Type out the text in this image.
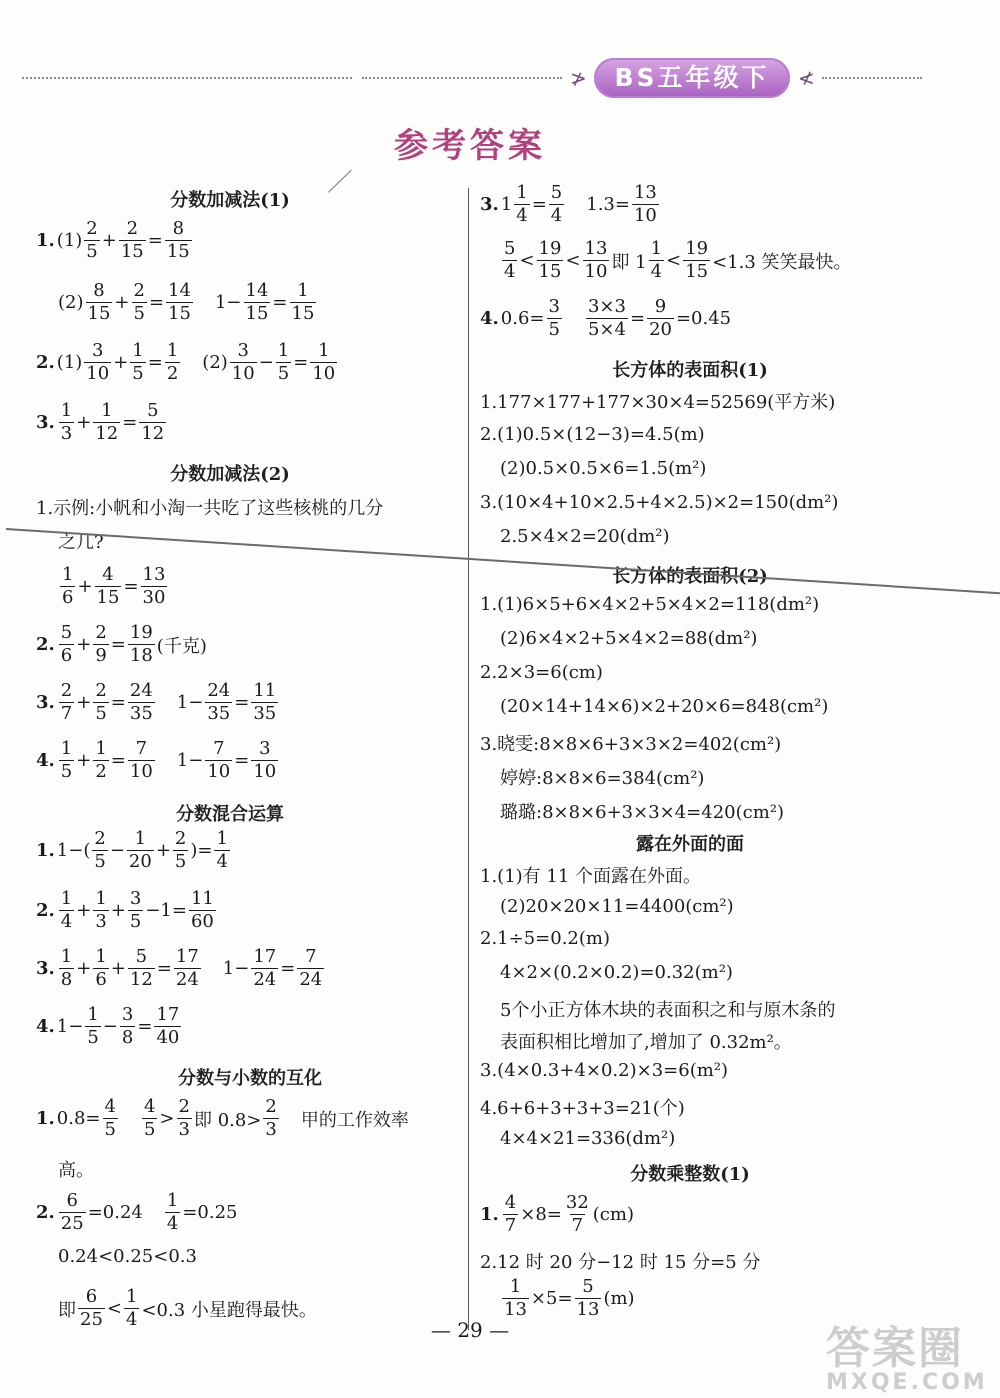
≯	BS五年级下	≮
参考答案
分数加减法(1)
1. (1)
2
5
+
2
15
=
8
15
(2)
8
15
+
2
5
=
14
15
1−
14
15
=
1
15
2. (1)
3
10
+
1
5
=
1
2
(2)
3
10
−
1
5
=
1
10
3.
1
3
+
1
12
=
5
12
分数加减法(2)
1.示例:小帆和小淘一共吃了这些核桃的几分
之几?
1
6
+
4
15
=
13
30
2.
5
6
+
2
9
=
19
18 (千克)
3.
2
7
+
2
5
=
24
35
1−
24
35
=
11
35
4.
1
5
+
1
2
=
7
10
1−
7
10
=
3
10
分数混合运算
1. 1−(
2
5
−
1
20
+
2
5
)=
1
4
2.
1
4
+
1
3
+
3
5
−1=
11
60
3.
1
8
+
1
6
+
5
12
=
17
24
1−
17
24
=
7
24
4. 1−
1
5
−
3
8
=
17
40
分数与小数的互化
1. 0.8=
4
5
4
5
>
2
3 即 0.8>
2
3 甲的工作效率
高。
2.
6
25
=0.24
1
4
=0.25
0.24<0.25<0.3
即
6
25
<
1
4 <0.3 小星跑得最快。
3. 1
1
4
=
5
4
1.3=
13
10
5
4
<
19
15
<
13
10 即 1
1
4
<
19
15 <1.3 笑笑最快。
4. 0.6=
3
5
3×3
5×4
=
9
20
=0.45
长方体的表面积(1)
1.177×177+177×30×4=52569(平方米)
2.(1)0.5×(12−3)=4.5(m)
(2)0.5×0.5×6=1.5(m²)
3.(10×4+10×2.5+4×2.5)×2=150(dm²)
2.5×4×2=20(dm²)
长方体的表面积(2)
1.(1)6×5+6×4×2+5×4×2=118(dm²)
(2)6×4×2+5×4×2=88(dm²)
2.2×3=6(cm)
(20×14+14×6)×2+20×6=848(cm²)
3.晓雯:8×8×6+3×3×2=402(cm²)
婷婷:8×8×6=384(cm²)
璐璐:8×8×6+3×3×4=420(cm²)
露在外面的面
1.(1)有 11 个面露在外面。
(2)20×20×11=4400(cm²)
2.1÷5=0.2(m)
4×2×(0.2×0.2)=0.32(m²)
5个小正方体木块的表面积之和与原木条的
表面积相比增加了,增加了 0.32m²。
3.(4×0.3+4×0.2)×3=6(m²)
4.6+6+3+3+3=21(个)
4×4×21=336(dm²)
分数乘整数(1)
1.
4
7
×8=
32
7
(cm)
2.12 时 20 分−12 时 15 分=5 分
1
13
×5=
5
13
(m)
— 29 —	答案圈
MXQE.COM
